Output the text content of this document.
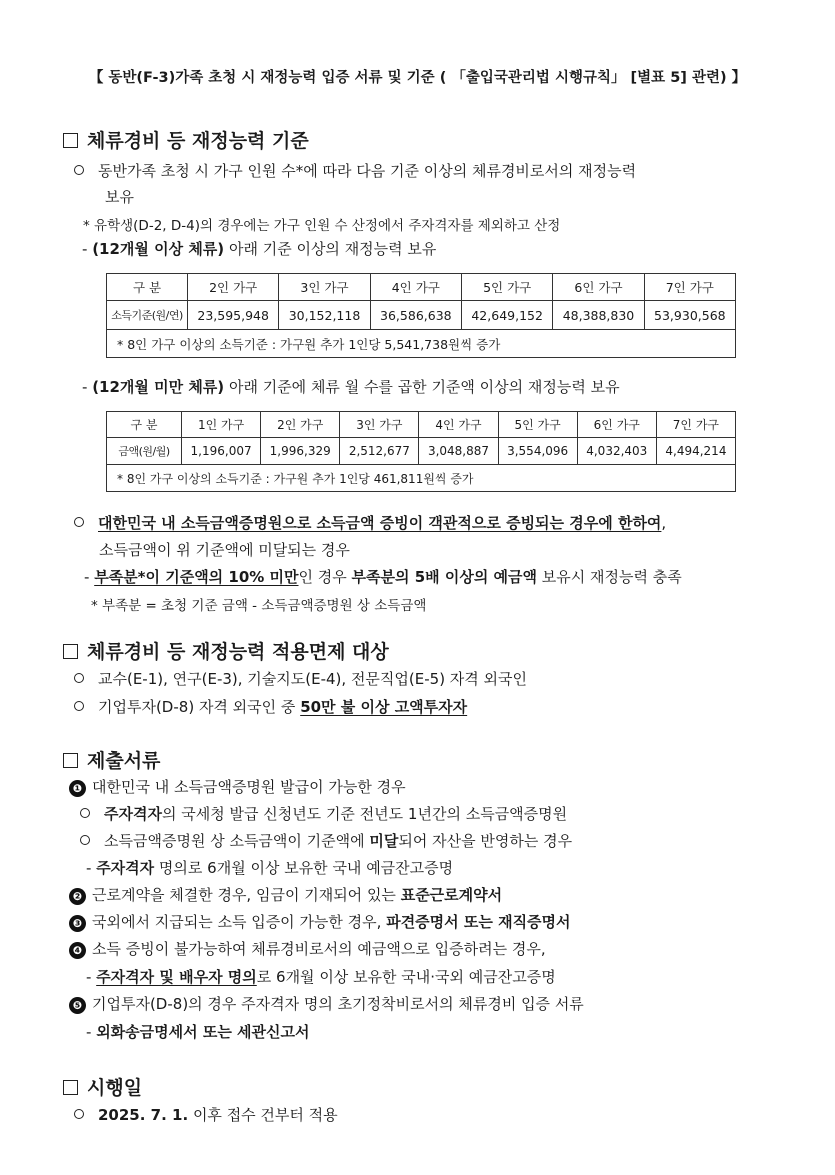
【 동반(F-3)가족 초청 시 재정능력 입증 서류 및 기준 ( 「출입국관리법 시행규칙」 [별표 5] 관련) 】
체류경비 등 재정능력 기준
동반가족 초청 시 가구 인원 수*에 따라 다음 기준 이상의 체류경비로서의 재정능력
보유
* 유학생(D-2, D-4)의 경우에는 가구 인원 수 산정에서 주자격자를 제외하고 산정
- (12개월 이상 체류) 아래 기준 이상의 재정능력 보유
구 분	2인 가구	3인 가구	4인 가구	5인 가구	6인 가구	7인 가구
소득기준(원/연)	23,595,948	30,152,118	36,586,638	42,649,152	48,388,830	53,930,568
* 8인 가구 이상의 소득기준 : 가구원 추가 1인당 5,541,738원씩 증가						
- (12개월 미만 체류) 아래 기준에 체류 월 수를 곱한 기준액 이상의 재정능력 보유
구 분	1인 가구	2인 가구	3인 가구	4인 가구	5인 가구	6인 가구	7인 가구
금액(원/월)	1,196,007	1,996,329	2,512,677	3,048,887	3,554,096	4,032,403	4,494,214
* 8인 가구 이상의 소득기준 : 가구원 추가 1인당 461,811원씩 증가							
대한민국 내 소득금액증명원으로 소득금액 증빙이 객관적으로 증빙되는 경우에 한하여,
소득금액이 위 기준액에 미달되는 경우
- 부족분*이 기준액의 10% 미만인 경우 부족분의 5배 이상의 예금액 보유시 재정능력 충족
* 부족분 = 초청 기준 금액 - 소득금액증명원 상 소득금액
체류경비 등 재정능력 적용면제 대상
교수(E-1), 연구(E-3), 기술지도(E-4), 전문직업(E-5) 자격 외국인
기업투자(D-8) 자격 외국인 중 50만 불 이상 고액투자자
제출서류
❶ 대한민국 내 소득금액증명원 발급이 가능한 경우
주자격자의 국세청 발급 신청년도 기준 전년도 1년간의 소득금액증명원
소득금액증명원 상 소득금액이 기준액에 미달되어 자산을 반영하는 경우
- 주자격자 명의로 6개월 이상 보유한 국내 예금잔고증명
❷ 근로계약을 체결한 경우, 임금이 기재되어 있는 표준근로계약서
❸ 국외에서 지급되는 소득 입증이 가능한 경우, 파견증명서 또는 재직증명서
❹ 소득 증빙이 불가능하여 체류경비로서의 예금액으로 입증하려는 경우,
- 주자격자 및 배우자 명의로 6개월 이상 보유한 국내·국외 예금잔고증명
❺ 기업투자(D-8)의 경우 주자격자 명의 초기정착비로서의 체류경비 입증 서류
- 외화송금명세서 또는 세관신고서
시행일
2025. 7. 1. 이후 접수 건부터 적용
